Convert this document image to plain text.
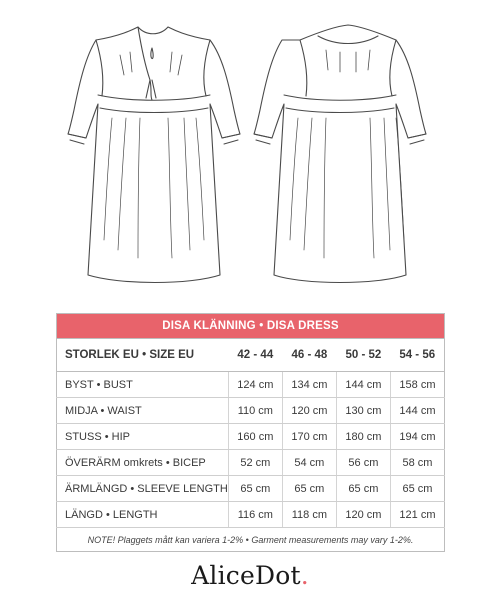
DISA KLÄNNING • DISA DRESS				
STORLEK EU • SIZE EU	42 - 44	46 - 48	50 - 52	54 - 56
BYST • BUST	124 cm	134 cm	144 cm	158 cm
MIDJA • WAIST	110 cm	120 cm	130 cm	144 cm
STUSS • HIP	160 cm	170 cm	180 cm	194 cm
ÖVERÄRM omkrets • BICEP	52 cm	54 cm	56 cm	58 cm
ÄRMLÄNGD • SLEEVE LENGTH	65 cm	65 cm	65 cm	65 cm
LÄNGD • LENGTH	116 cm	118 cm	120 cm	121 cm
NOTE! Plaggets mått kan variera 1-2% • Garment measurements may vary 1-2%.				
AliceDot.
